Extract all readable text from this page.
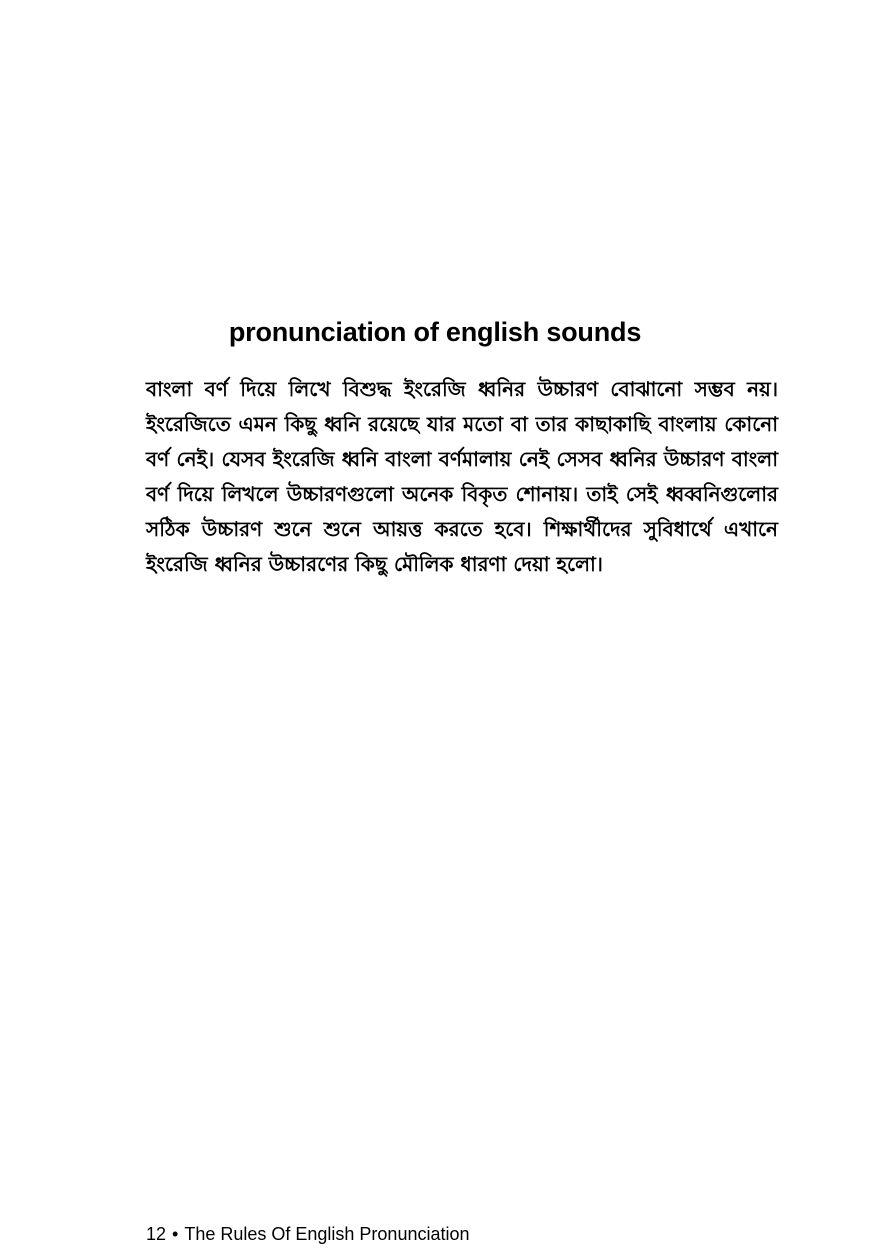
pronunciation of english sounds

বাংলা বর্ণ দিয়ে লিখে বিশুদ্ধ ইংরেজি ধ্বনির উচ্চারণ বোঝানো সম্ভব নয়। ইংরেজিতে এমন কিছু ধ্বনি রয়েছে যার মতো বা তার কাছাকাছি বাংলায় কোনো বর্ণ নেই। যেসব ইংরেজি ধ্বনি বাংলা বর্ণমালায় নেই সেসব ধ্বনির উচ্চারণ বাংলা বর্ণ দিয়ে লিখলে উচ্চারণগুলো অনেক বিকৃত শোনায়। তাই সেই ধ্বব্বনিগুলোর সঠিক উচ্চারণ শুনে শুনে আয়ত্ত করতে হবে। শিক্ষার্থীদের সুবিধার্থে এখানে ইংরেজি ধ্বনির উচ্চারণের কিছু মৌলিক ধারণা দেয়া হলো।

12 • The Rules Of English Pronunciation
